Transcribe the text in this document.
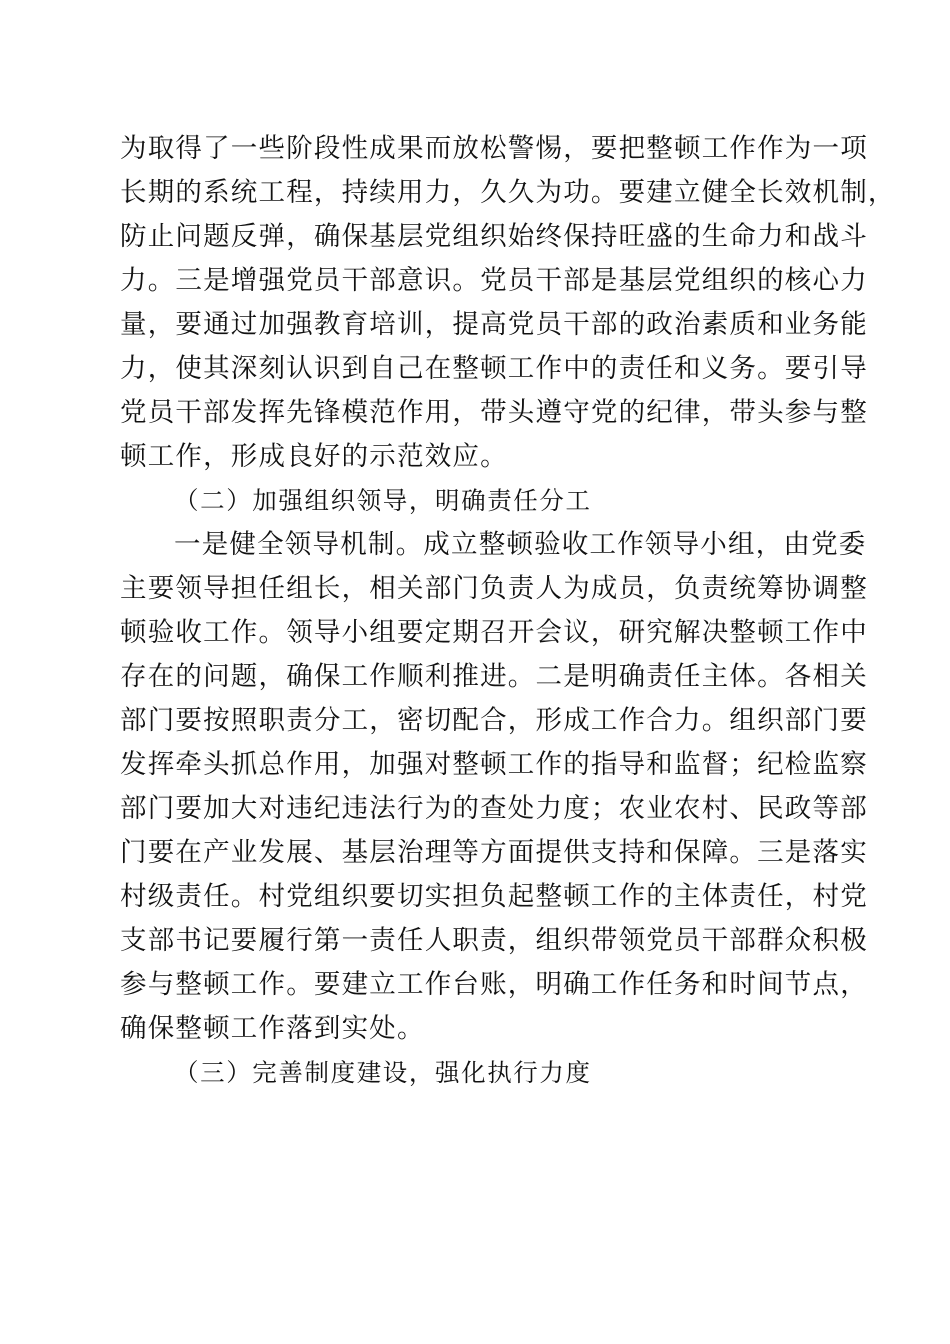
为取得了一些阶段性成果而放松警惕，要把整顿工作作为一项
长期的系统工程，持续用力，久久为功。要建立健全长效机制，
防止问题反弹，确保基层党组织始终保持旺盛的生命力和战斗
力。三是增强党员干部意识。党员干部是基层党组织的核心力
量，要通过加强教育培训，提高党员干部的政治素质和业务能
力，使其深刻认识到自己在整顿工作中的责任和义务。要引导
党员干部发挥先锋模范作用，带头遵守党的纪律，带头参与整
顿工作，形成良好的示范效应。
（二）加强组织领导，明确责任分工
一是健全领导机制。成立整顿验收工作领导小组，由党委
主要领导担任组长，相关部门负责人为成员，负责统筹协调整
顿验收工作。领导小组要定期召开会议，研究解决整顿工作中
存在的问题，确保工作顺利推进。二是明确责任主体。各相关
部门要按照职责分工，密切配合，形成工作合力。组织部门要
发挥牵头抓总作用，加强对整顿工作的指导和监督；纪检监察
部门要加大对违纪违法行为的查处力度；农业农村、民政等部
门要在产业发展、基层治理等方面提供支持和保障。三是落实
村级责任。村党组织要切实担负起整顿工作的主体责任，村党
支部书记要履行第一责任人职责，组织带领党员干部群众积极
参与整顿工作。要建立工作台账，明确工作任务和时间节点，
确保整顿工作落到实处。
（三）完善制度建设，强化执行力度
